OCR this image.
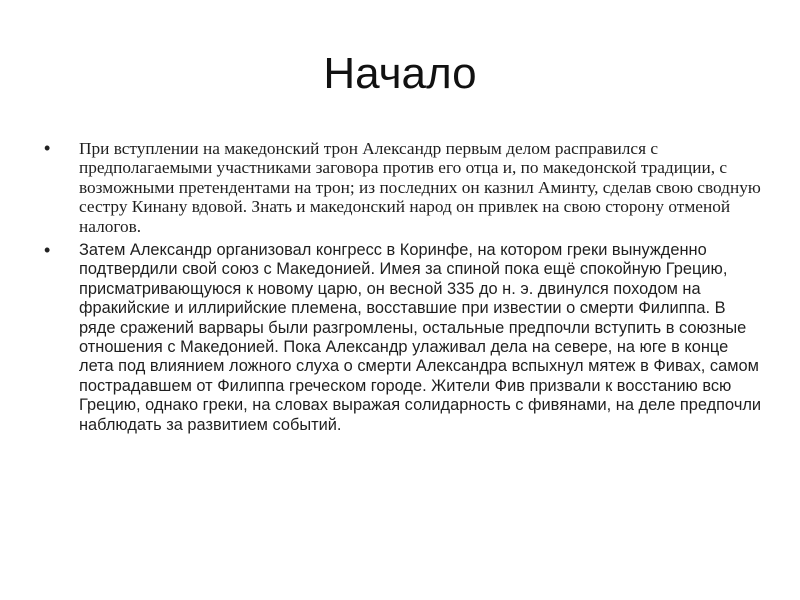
Начало
• При вступлении на македонский трон Александр первым делом расправился с предполагаемыми участниками заговора против его отца и, по македонской традиции, с возможными претендентами на трон; из последних он казнил Аминту, сделав свою сводную сестру Кинану вдовой. Знать и македонский народ он привлек на свою сторону отменой налогов.
• Затем Александр организовал конгресс в Коринфе, на котором греки вынужденно подтвердили свой союз с Македонией. Имея за спиной пока ещё спокойную Грецию, присматривающуюся к новому царю, он весной 335 до н. э. двинулся походом на фракийские и иллирийские племена, восставшие при известии о смерти Филиппа. В ряде сражений варвары были разгромлены, остальные предпочли вступить в союзные отношения с Македонией. Пока Александр улаживал дела на севере, на юге в конце лета под влиянием ложного слуха о смерти Александра вспыхнул мятеж в Фивах, самом пострадавшем от Филиппа греческом городе. Жители Фив призвали к восстанию всю Грецию, однако греки, на словах выражая солидарность с фивянами, на деле предпочли наблюдать за развитием событий.
